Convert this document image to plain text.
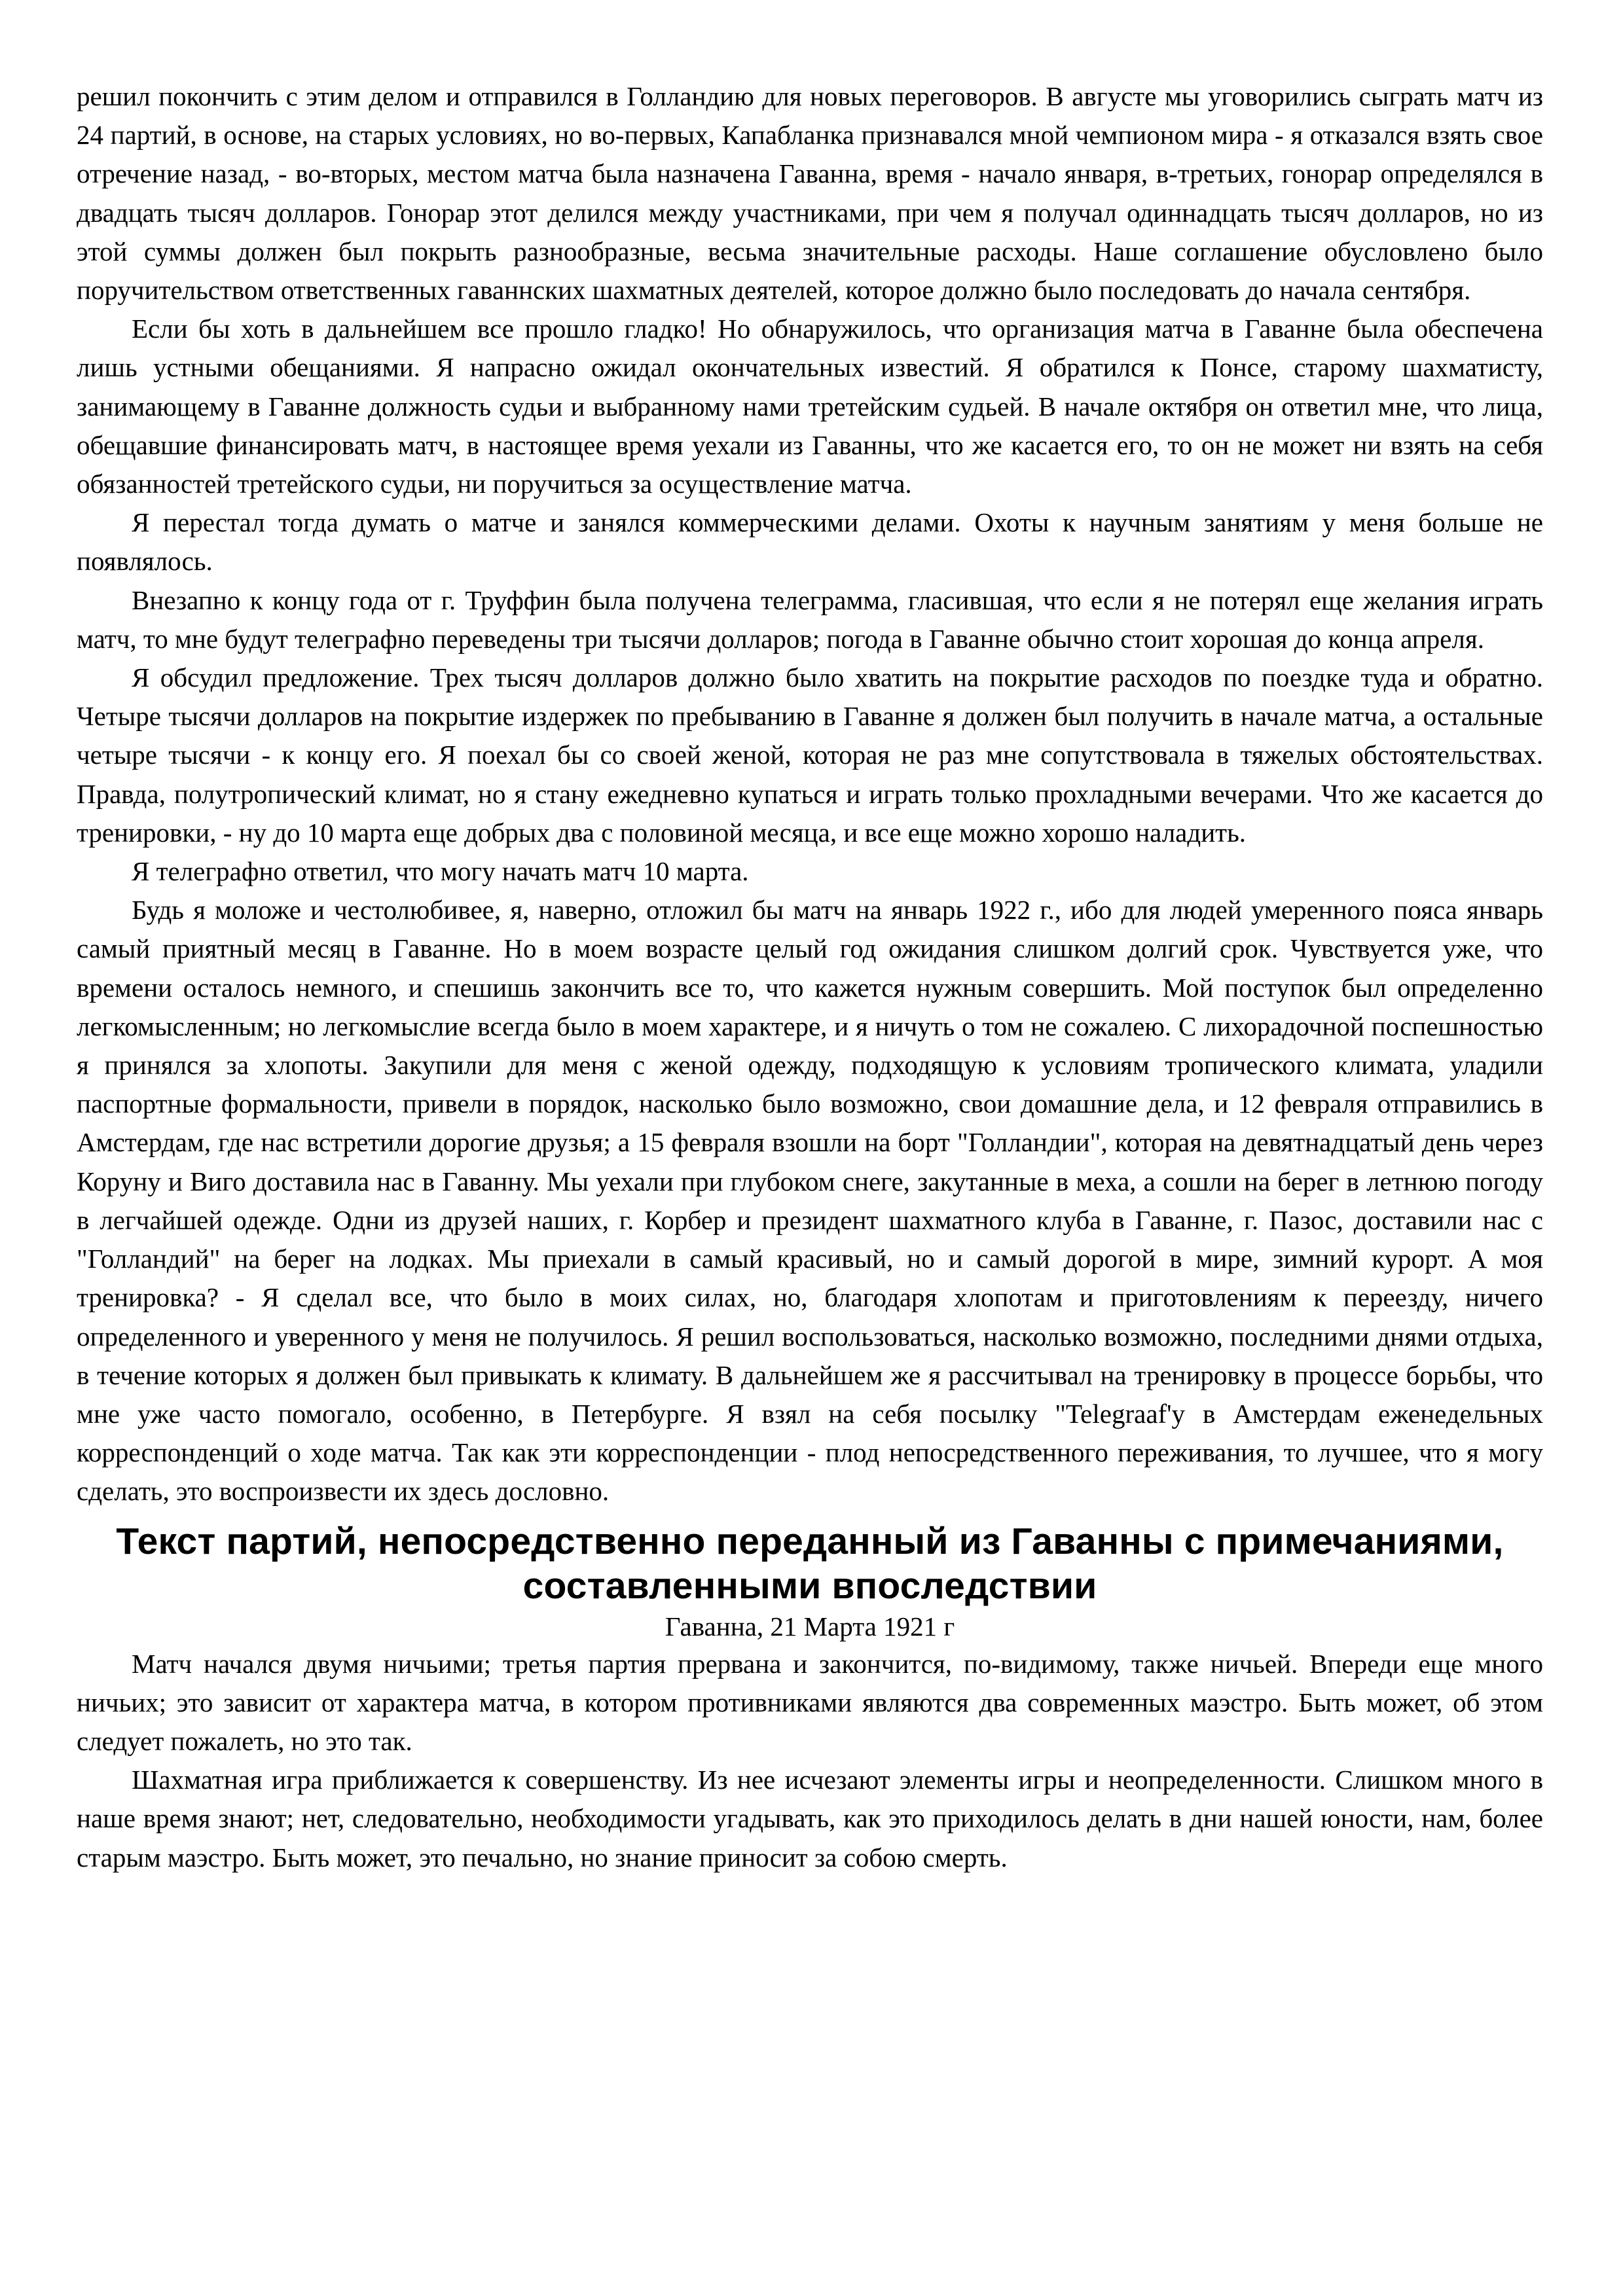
решил покончить с этим делом и отправился в Голландию для новых переговоров. В августе мы уговорились сыграть матч из 24 партий, в основе, на старых условиях, но во-первых, Капабланка признавался мной чемпионом мира - я отказался взять свое отречение назад, - во-вторых, местом матча была назначена Гаванна, время - начало января, в-третьих, гонорар определялся в двадцать тысяч долларов. Гонорар этот делился между участниками, при чем я получал одиннадцать тысяч долларов, но из этой суммы должен был покрыть разнообразные, весьма значительные расходы. Наше соглашение обусловлено было поручительством ответственных гаваннских шахматных деятелей, которое должно было последовать до начала сентября.

Если бы хоть в дальнейшем все прошло гладко! Но обнаружилось, что организация матча в Гаванне была обеспечена лишь устными обещаниями. Я напрасно ожидал окончательных известий. Я обратился к Понсе, старому шахматисту, занимающему в Гаванне должность судьи и выбранному нами третейским судьей. В начале октября он ответил мне, что лица, обещавшие финансировать матч, в настоящее время уехали из Гаванны, что же касается его, то он не может ни взять на себя обязанностей третейского судьи, ни поручиться за осуществление матча.

Я перестал тогда думать о матче и занялся коммерческими делами. Охоты к научным занятиям у меня больше не появлялось.

Внезапно к концу года от г. Труффин была получена телеграмма, гласившая, что если я не потерял еще желания играть матч, то мне будут телеграфно переведены три тысячи долларов; погода в Гаванне обычно стоит хорошая до конца апреля.

Я обсудил предложение. Трех тысяч долларов должно было хватить на покрытие расходов по поездке туда и обратно. Четыре тысячи долларов на покрытие издержек по пребыванию в Гаванне я должен был получить в начале матча, а остальные четыре тысячи - к концу его. Я поехал бы со своей женой, которая не раз мне сопутствовала в тяжелых обстоятельствах. Правда, полутропический климат, но я стану ежедневно купаться и играть только прохладными вечерами. Что же касается до тренировки, - ну до 10 марта еще добрых два с половиной месяца, и все еще можно хорошо наладить.

Я телеграфно ответил, что могу начать матч 10 марта.

Будь я моложе и честолюбивее, я, наверно, отложил бы матч на январь 1922 г., ибо для людей умеренного пояса январь самый приятный месяц в Гаванне. Но в моем возрасте целый год ожидания слишком долгий срок. Чувствуется уже, что времени осталось немного, и спешишь закончить все то, что кажется нужным совершить. Мой поступок был определенно легкомысленным; но легкомыслие всегда было в моем характере, и я ничуть о том не сожалею. С лихорадочной поспешностью я принялся за хлопоты. Закупили для меня с женой одежду, подходящую к условиям тропического климата, уладили паспортные формальности, привели в порядок, насколько было возможно, свои домашние дела, и 12 февраля отправились в Амстердам, где нас встретили дорогие друзья; а 15 февраля взошли на борт "Голландии", которая на девятнадцатый день через Коруну и Виго доставила нас в Гаванну. Мы уехали при глубоком снеге, закутанные в меха, а сошли на берег в летнюю погоду в легчайшей одежде. Одни из друзей наших, г. Корбер и президент шахматного клуба в Гаванне, г. Пазос, доставили нас с "Голландий" на берег на лодках. Мы приехали в самый красивый, но и самый дорогой в мире, зимний курорт. А моя тренировка? - Я сделал все, что было в моих силах, но, благодаря хлопотам и приготовлениям к переезду, ничего определенного и уверенного у меня не получилось. Я решил воспользоваться, насколько возможно, последними днями отдыха, в течение которых я должен был привыкать к климату. В дальнейшем же я рассчитывал на тренировку в процессе борьбы, что мне уже часто помогало, особенно, в Петербурге. Я взял на себя посылку "Telegraaf'у в Амстердам еженедельных корреспонденций о ходе матча. Так как эти корреспонденции - плод непосредственного переживания, то лучшее, что я могу сделать, это воспроизвести их здесь дословно.

Текст партий, непосредственно переданный из Гаванны с примечаниями, составленными впоследствии

Гаванна, 21 Марта 1921 г

Матч начался двумя ничьими; третья партия прервана и закончится, по-видимому, также ничьей. Впереди еще много ничьих; это зависит от характера матча, в котором противниками являются два современных маэстро. Быть может, об этом следует пожалеть, но это так.

Шахматная игра приближается к совершенству. Из нее исчезают элементы игры и неопределенности. Слишком много в наше время знают; нет, следовательно, необходимости угадывать, как это приходилось делать в дни нашей юности, нам, более старым маэстро. Быть может, это печально, но знание приносит за собою смерть.
